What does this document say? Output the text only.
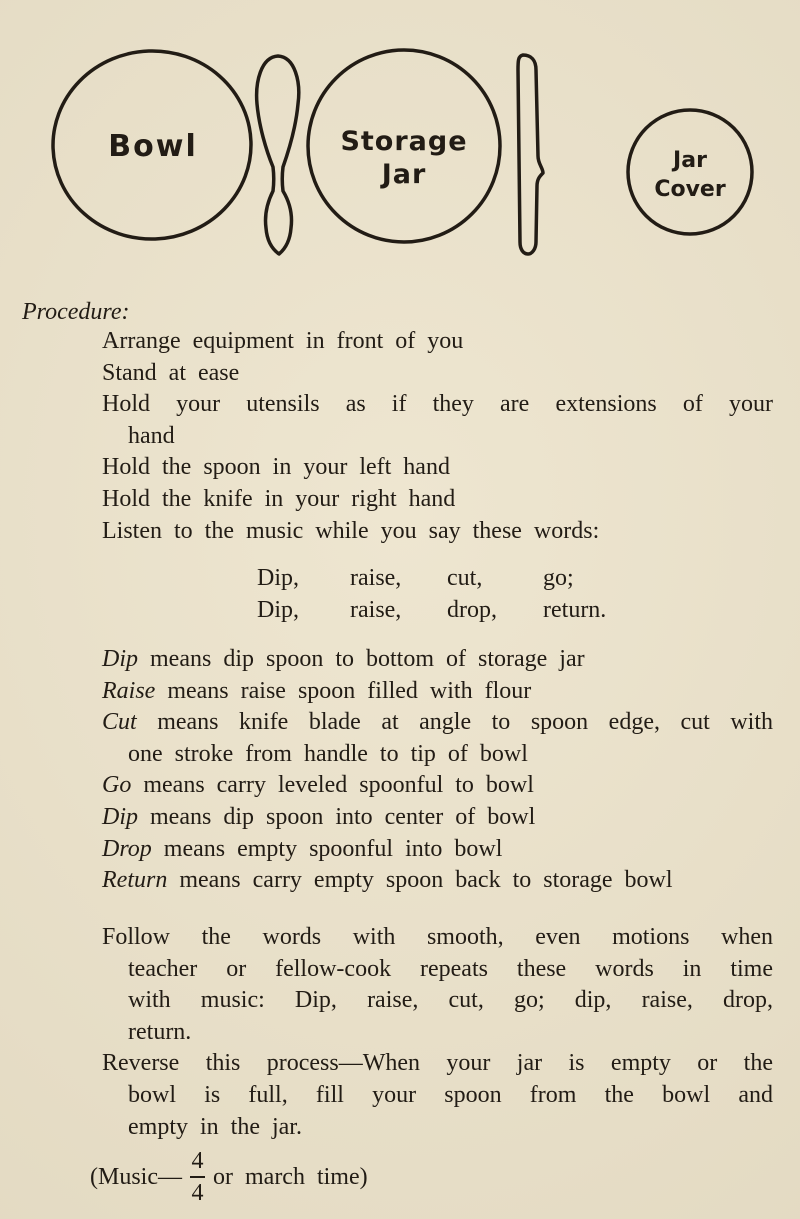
Bowl	Storage
Jar	Jar
Cover
Procedure:
Arrange equipment in front of you
Stand at ease
Hold your utensils as if they are extensions of your
hand
Hold the spoon in your left hand
Hold the knife in your right hand
Listen to the music while you say these words:
Dip,	raise,	cut,	go;
Dip,	raise,	drop,	return.
Dip means dip spoon to bottom of storage jar
Raise means raise spoon filled with flour
Cut means knife blade at angle to spoon edge, cut with
one stroke from handle to tip of bowl
Go means carry leveled spoonful to bowl
Dip means dip spoon into center of bowl
Drop means empty spoonful into bowl
Return means carry empty spoon back to storage bowl
Follow the words with smooth, even motions when
teacher or fellow-cook repeats these words in time
with music: Dip, raise, cut, go; dip, raise, drop,
return.
Reverse this process—When your jar is empty or the
bowl is full, fill your spoon from the bowl and
empty in the jar.
(Music— $\frac{4}{4}$ or march time)
